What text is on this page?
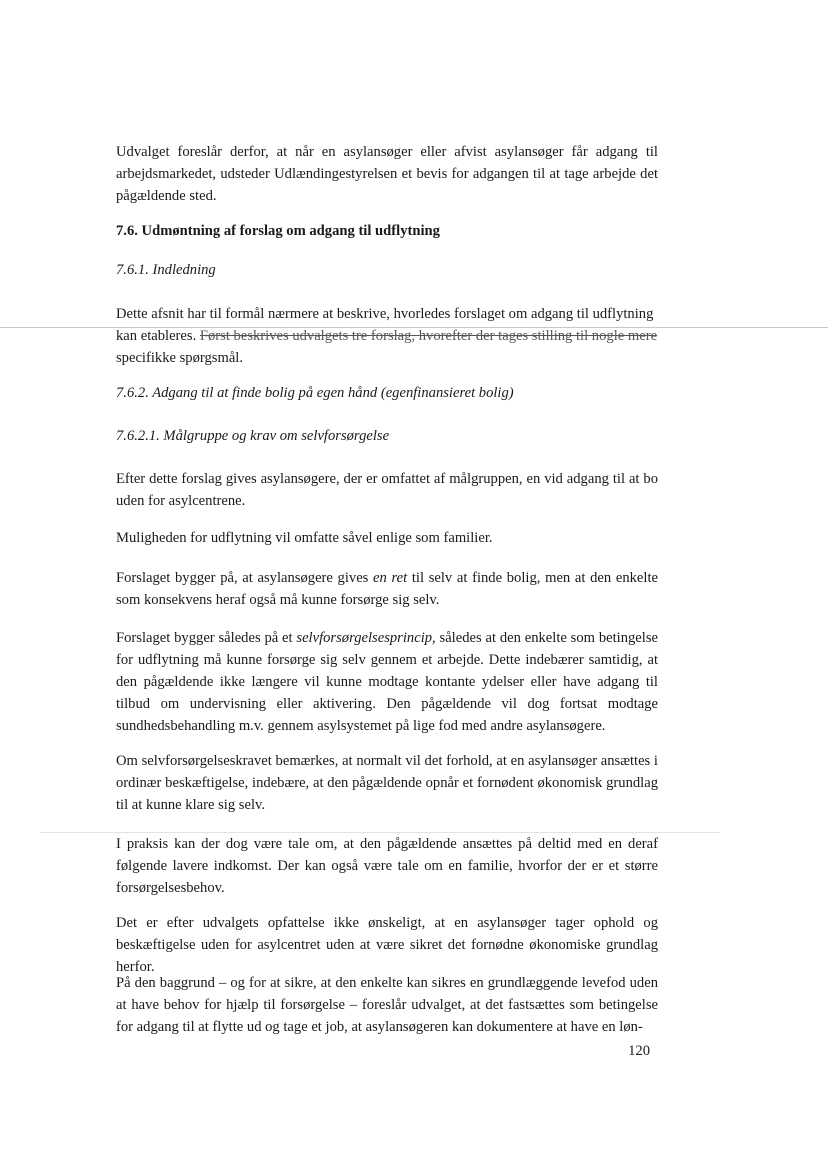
Udvalget foreslår derfor, at når en asylansøger eller afvist asylansøger får adgang til arbejdsmarkedet, udsteder Udlændingestyrelsen et bevis for adgangen til at tage arbejde det pågældende sted.

7.6. Udmøntning af forslag om adgang til udflytning

7.6.1. Indledning

Dette afsnit har til formål nærmere at beskrive, hvorledes forslaget om adgang til udflytning
kan etableres. Først beskrives udvalgets tre forslag, hvorefter der tages stilling til nogle mere
specifikke spørgsmål.

7.6.2. Adgang til at finde bolig på egen hånd (egenfinansieret bolig)

7.6.2.1. Målgruppe og krav om selvforsørgelse

Efter dette forslag gives asylansøgere, der er omfattet af målgruppen, en vid adgang til at bo uden for asylcentrene.

Muligheden for udflytning vil omfatte såvel enlige som familier.

Forslaget bygger på, at asylansøgere gives en ret til selv at finde bolig, men at den enkelte som konsekvens heraf også må kunne forsørge sig selv.

Forslaget bygger således på et selvforsørgelsesprincip, således at den enkelte som betingelse for udflytning må kunne forsørge sig selv gennem et arbejde. Dette indebærer samtidig, at den pågældende ikke længere vil kunne modtage kontante ydelser eller have adgang til tilbud om undervisning eller aktivering. Den pågældende vil dog fortsat modtage sundhedsbehandling m.v. gennem asylsystemet på lige fod med andre asylansøgere.

Om selvforsørgelseskravet bemærkes, at normalt vil det forhold, at en asylansøger ansættes i ordinær beskæftigelse, indebære, at den pågældende opnår et fornødent økonomisk grundlag til at kunne klare sig selv.

I praksis kan der dog være tale om, at den pågældende ansættes på deltid med en deraf følgende lavere indkomst. Der kan også være tale om en familie, hvorfor der er et større forsørgelsesbehov.

Det er efter udvalgets opfattelse ikke ønskeligt, at en asylansøger tager ophold og beskæftigelse uden for asylcentret uden at være sikret det fornødne økonomiske grundlag herfor.

På den baggrund – og for at sikre, at den enkelte kan sikres en grundlæggende levefod uden at have behov for hjælp til forsørgelse – foreslår udvalget, at det fastsættes som betingelse for adgang til at flytte ud og tage et job, at asylansøgeren kan dokumentere at have en løn-

120
